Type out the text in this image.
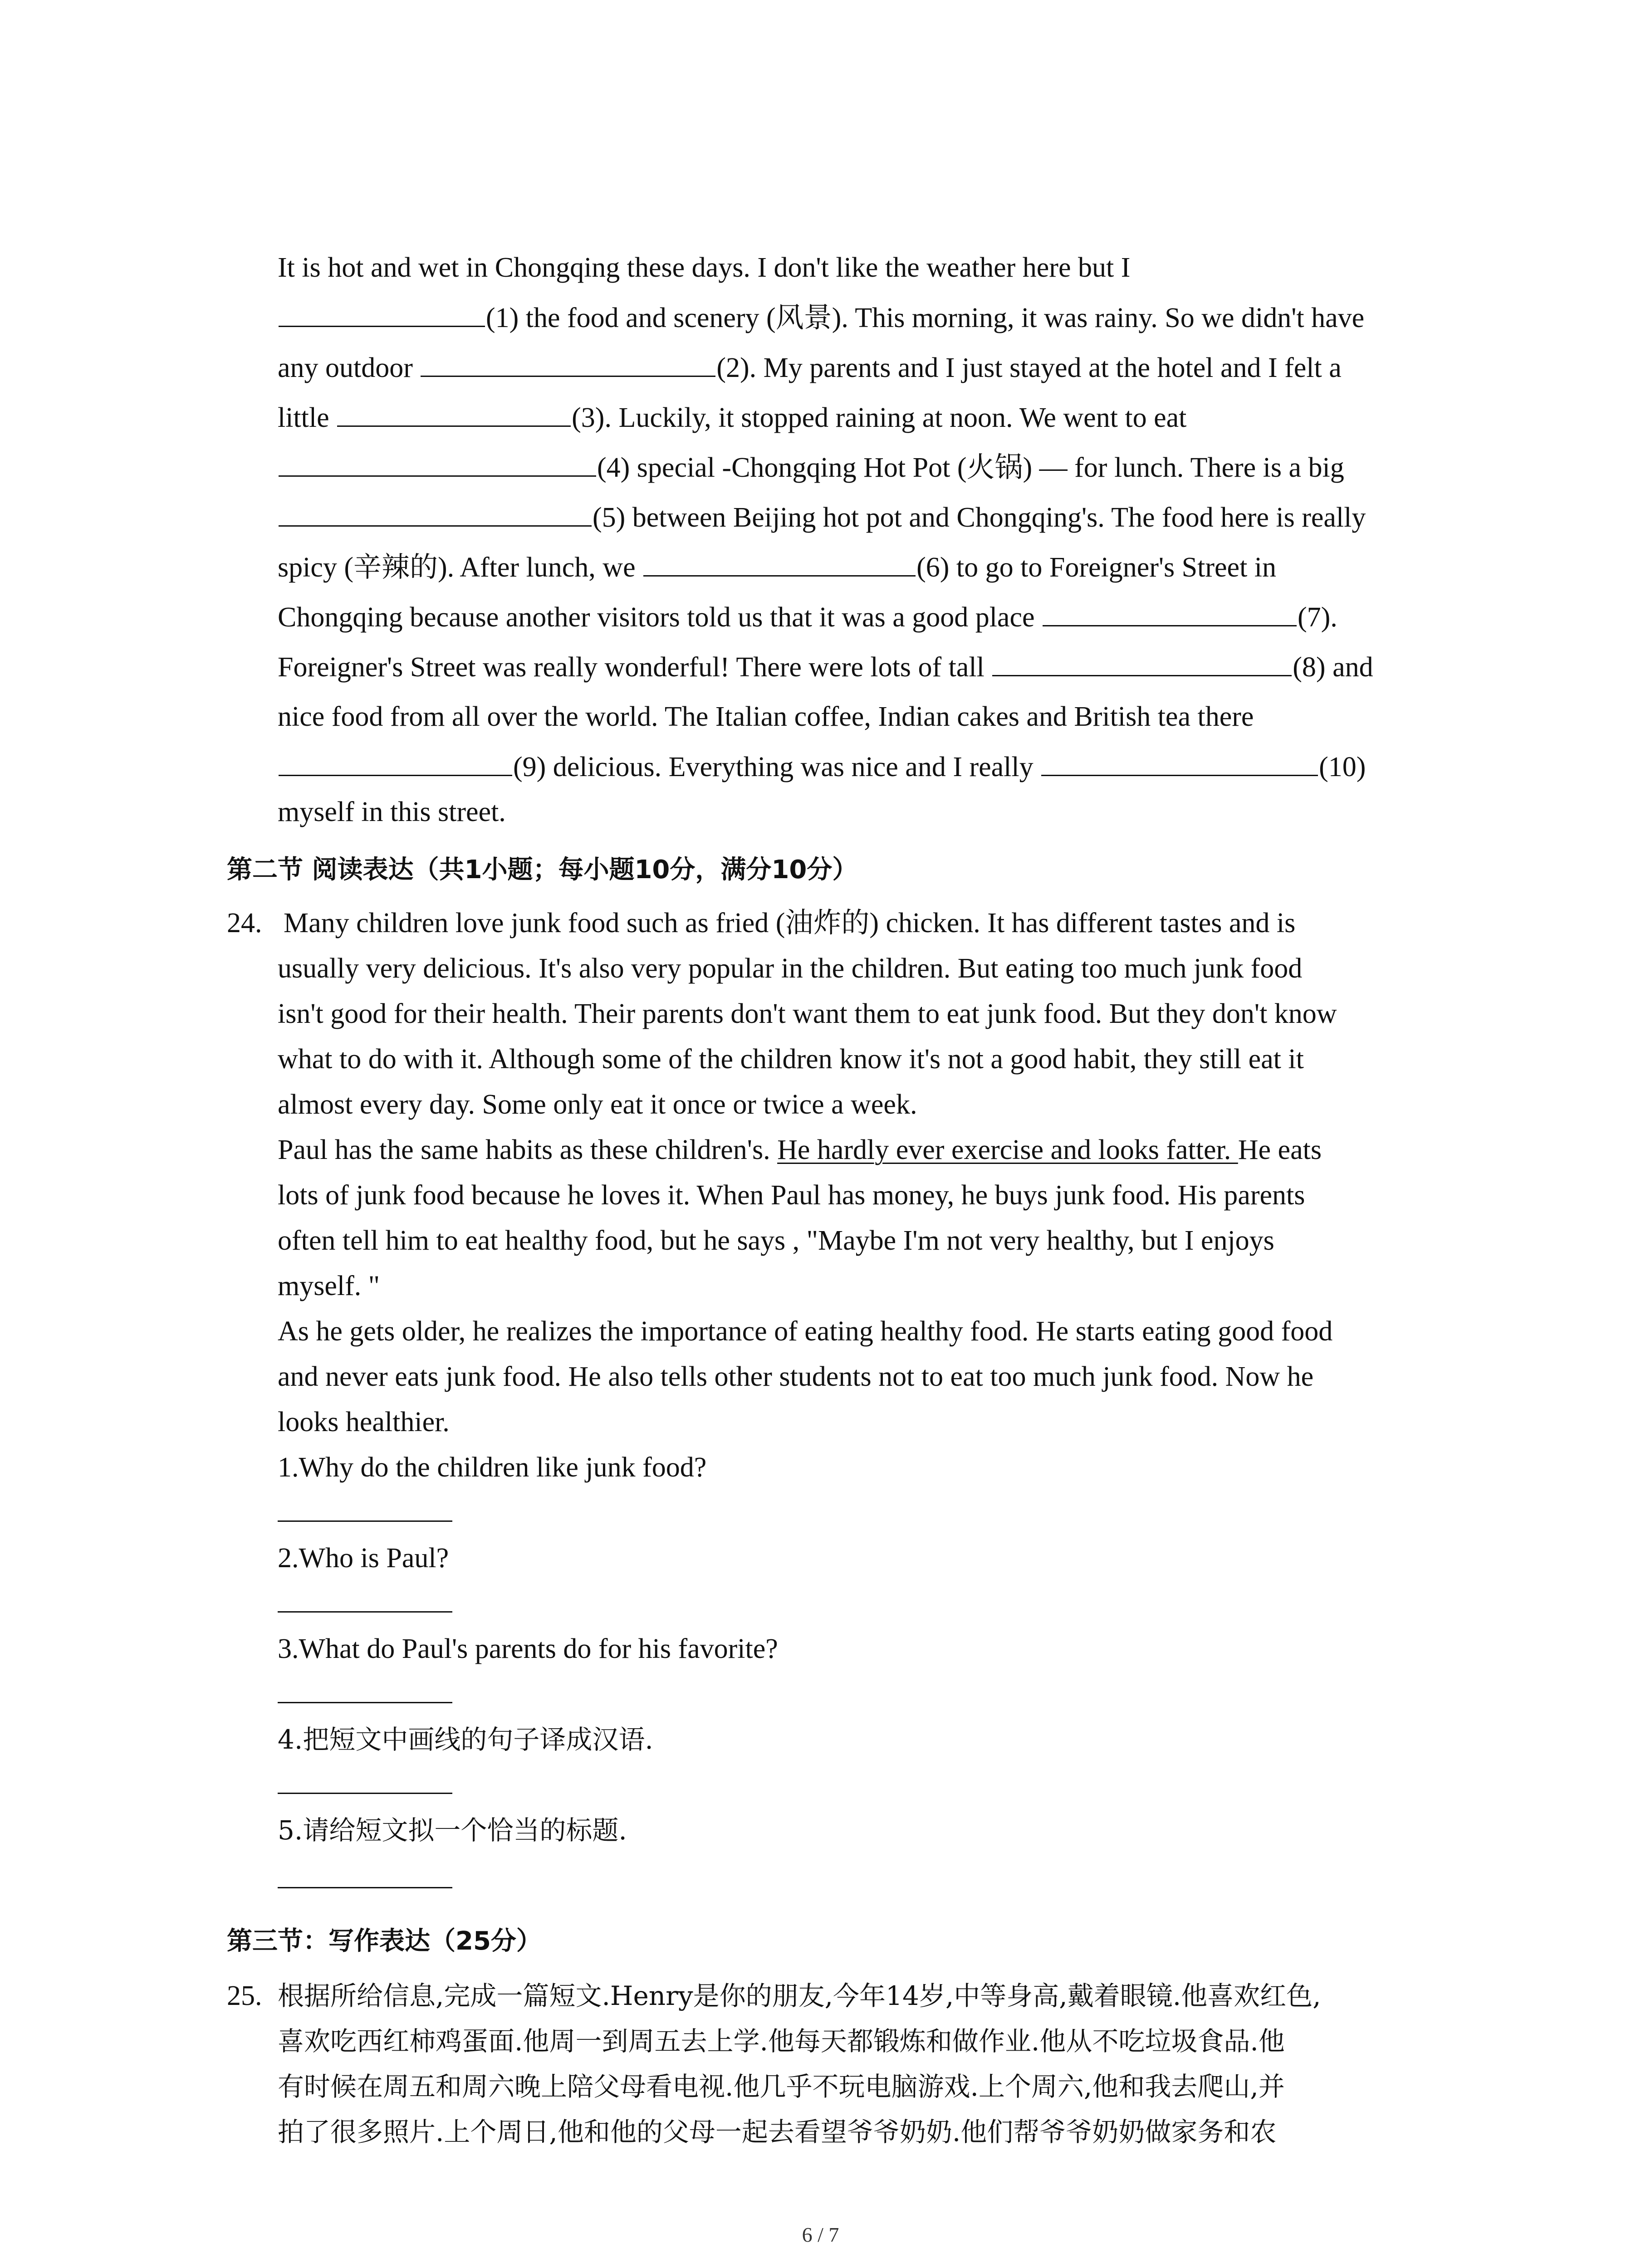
It is hot and wet in Chongqing these days. I don't like the weather here but I
(1) the food and scenery (风景). This morning, it was rainy. So we didn't have
any outdoor	(2). My parents and I just stayed at the hotel and I felt a
little	(3). Luckily, it stopped raining at noon. We went to eat
(4) special -Chongqing Hot Pot (火锅) — for lunch. There is a big
(5) between Beijing hot pot and Chongqing's. The food here is really
spicy (辛辣的). After lunch, we	(6) to go to Foreigner's Street in
Chongqing because another visitors told us that it was a good place	(7).
Foreigner's Street was really wonderful! There were lots of tall	(8) and
nice food from all over the world. The Italian coffee, Indian cakes and British tea there
(9) delicious. Everything was nice and I really	(10)
myself in this street.
第二节 阅读表达（共1小题；每小题10分，满分10分）
24. Many children love junk food such as fried (油炸的) chicken. It has different tastes and is
usually very delicious. It's also very popular in the children. But eating too much junk food
isn't good for their health. Their parents don't want them to eat junk food. But they don't know
what to do with it. Although some of the children know it's not a good habit, they still eat it
almost every day. Some only eat it once or twice a week.
Paul has the same habits as these children's. He hardly ever exercise and looks fatter. He eats
lots of junk food because he loves it. When Paul has money, he buys junk food. His parents
often tell him to eat healthy food, but he says , "Maybe I'm not very healthy, but I enjoys
myself. "
As he gets older, he realizes the importance of eating healthy food. He starts eating good food
and never eats junk food. He also tells other students not to eat too much junk food. Now he
looks healthier.
1.Why do the children like junk food?
2.Who is Paul?
3.What do Paul's parents do for his favorite?
4.把短文中画线的句子译成汉语.
5.请给短文拟一个恰当的标题.
第三节：写作表达（25分）
25. 根据所给信息,完成一篇短文.Henry是你的朋友,今年14岁,中等身高,戴着眼镜.他喜欢红色,
喜欢吃西红柿鸡蛋面.他周一到周五去上学.他每天都锻炼和做作业.他从不吃垃圾食品.他
有时候在周五和周六晚上陪父母看电视.他几乎不玩电脑游戏.上个周六,他和我去爬山,并
拍了很多照片.上个周日,他和他的父母一起去看望爷爷奶奶.他们帮爷爷奶奶做家务和农
6 / 7
